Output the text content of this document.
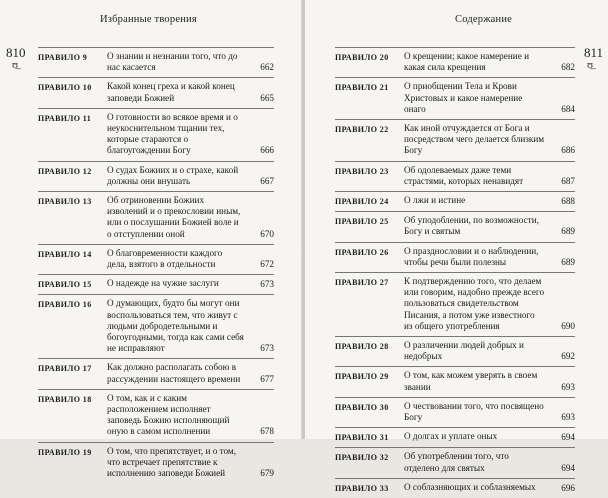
Избранные творения
810
ʊ̲
ПРАВИЛО 9	О знании и незнании того, что до нас касается	662
ПРАВИЛО 10	Какой конец греха и какой конец заповеди Божией	665
ПРАВИЛО 11	О готовности во всякое время и о неукоснительном тщании тех, которые стараются о благоугождении Богу	666
ПРАВИЛО 12	О судах Божиих и о страхе, какой должны они внушать	667
ПРАВИЛО 13	Об отриновении Божиих изволений и о прекословии иным, или о послушании Божией воле и о отступлении оной	670
ПРАВИЛО 14	О благовременности каждого дела, взятого в отдельности	672
ПРАВИЛО 15	О надежде на чужие заслуги	673
ПРАВИЛО 16	О думающих, будто бы могут они воспользоваться тем, что живут с людьми добродетельными и богоугодными, тогда как сами себя не исправляют	673
ПРАВИЛО 17	Как должно располагать собою в рассуждении настоящего времени	677
ПРАВИЛО 18	О том, как и с каким расположением исполняет заповедь Божию исполняющий оную в самом исполнении	678
ПРАВИЛО 19	О том, что препятствует, и о том, что встречает препятствие к исполнению заповеди Божией	679
Содержание
811
ʊ̲
ПРАВИЛО 20	О крещении; какое намерение и какая сила крещения	682
ПРАВИЛО 21	О приобщении Тела и Крови Христовых и какое намерение онаго	684
ПРАВИЛО 22	Как иной отчуждается от Бога и посредством чего делается близким Богу	686
ПРАВИЛО 23	Об одолеваемых даже теми страстями, которых ненавидят	687
ПРАВИЛО 24	О лжи и истине	688
ПРАВИЛО 25	Об уподоблении, по возможности, Богу и святым	689
ПРАВИЛО 26	О празднословии и о наблюдении, чтобы речи были полезны	689
ПРАВИЛО 27	К подтверждению того, что делаем или говорим, надобно прежде всего пользоваться свидетельством Писания, а потом уже известного из общего употребления	690
ПРАВИЛО 28	О различении людей добрых и недобрых	692
ПРАВИЛО 29	О том, как можем уверять в своем звании	693
ПРАВИЛО 30	О чествовании того, что посвящено Богу	693
ПРАВИЛО 31	О долгах и уплате оных	694
ПРАВИЛО 32	Об употреблении того, что отделено для святых	694
ПРАВИЛО 33	О соблазняющих и соблазняемых	696
